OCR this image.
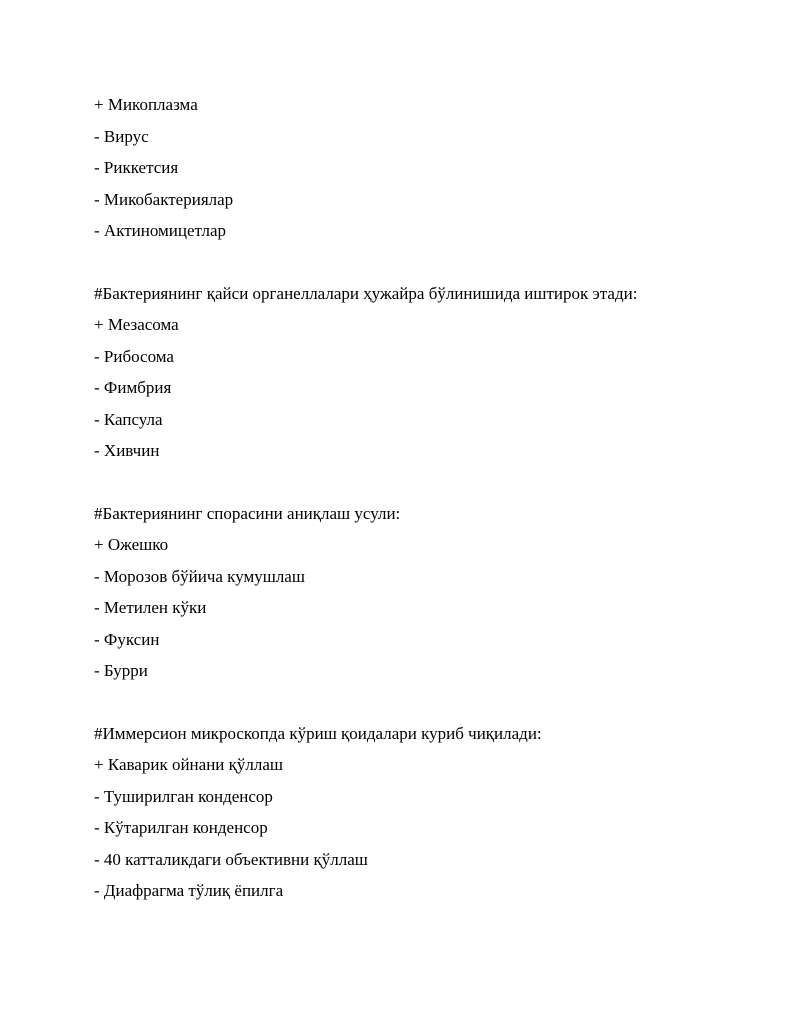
+ Микоплазма
- Вирус
- Риккетсия
- Микобактериялар
- Актиномицетлар
#Бактериянинг қайси органеллалари ҳужайра бўлинишида иштирок этади:
+ Мезасома
- Рибосома
- Фимбрия
- Капсула
- Хивчин
#Бактериянинг спорасини аниқлаш усули:
+ Ожешко
- Морозов бўйича кумушлаш
- Метилен кўки
- Фуксин
- Бурри
#Иммерсион микроскопда кўриш қоидалари куриб чиқилади:
+ Каварик ойнани қўллаш
- Туширилган конденсор
- Кўтарилган конденсор
- 40 катталикдаги объективни қўллаш
- Диафрагма тўлиқ ёпилга
